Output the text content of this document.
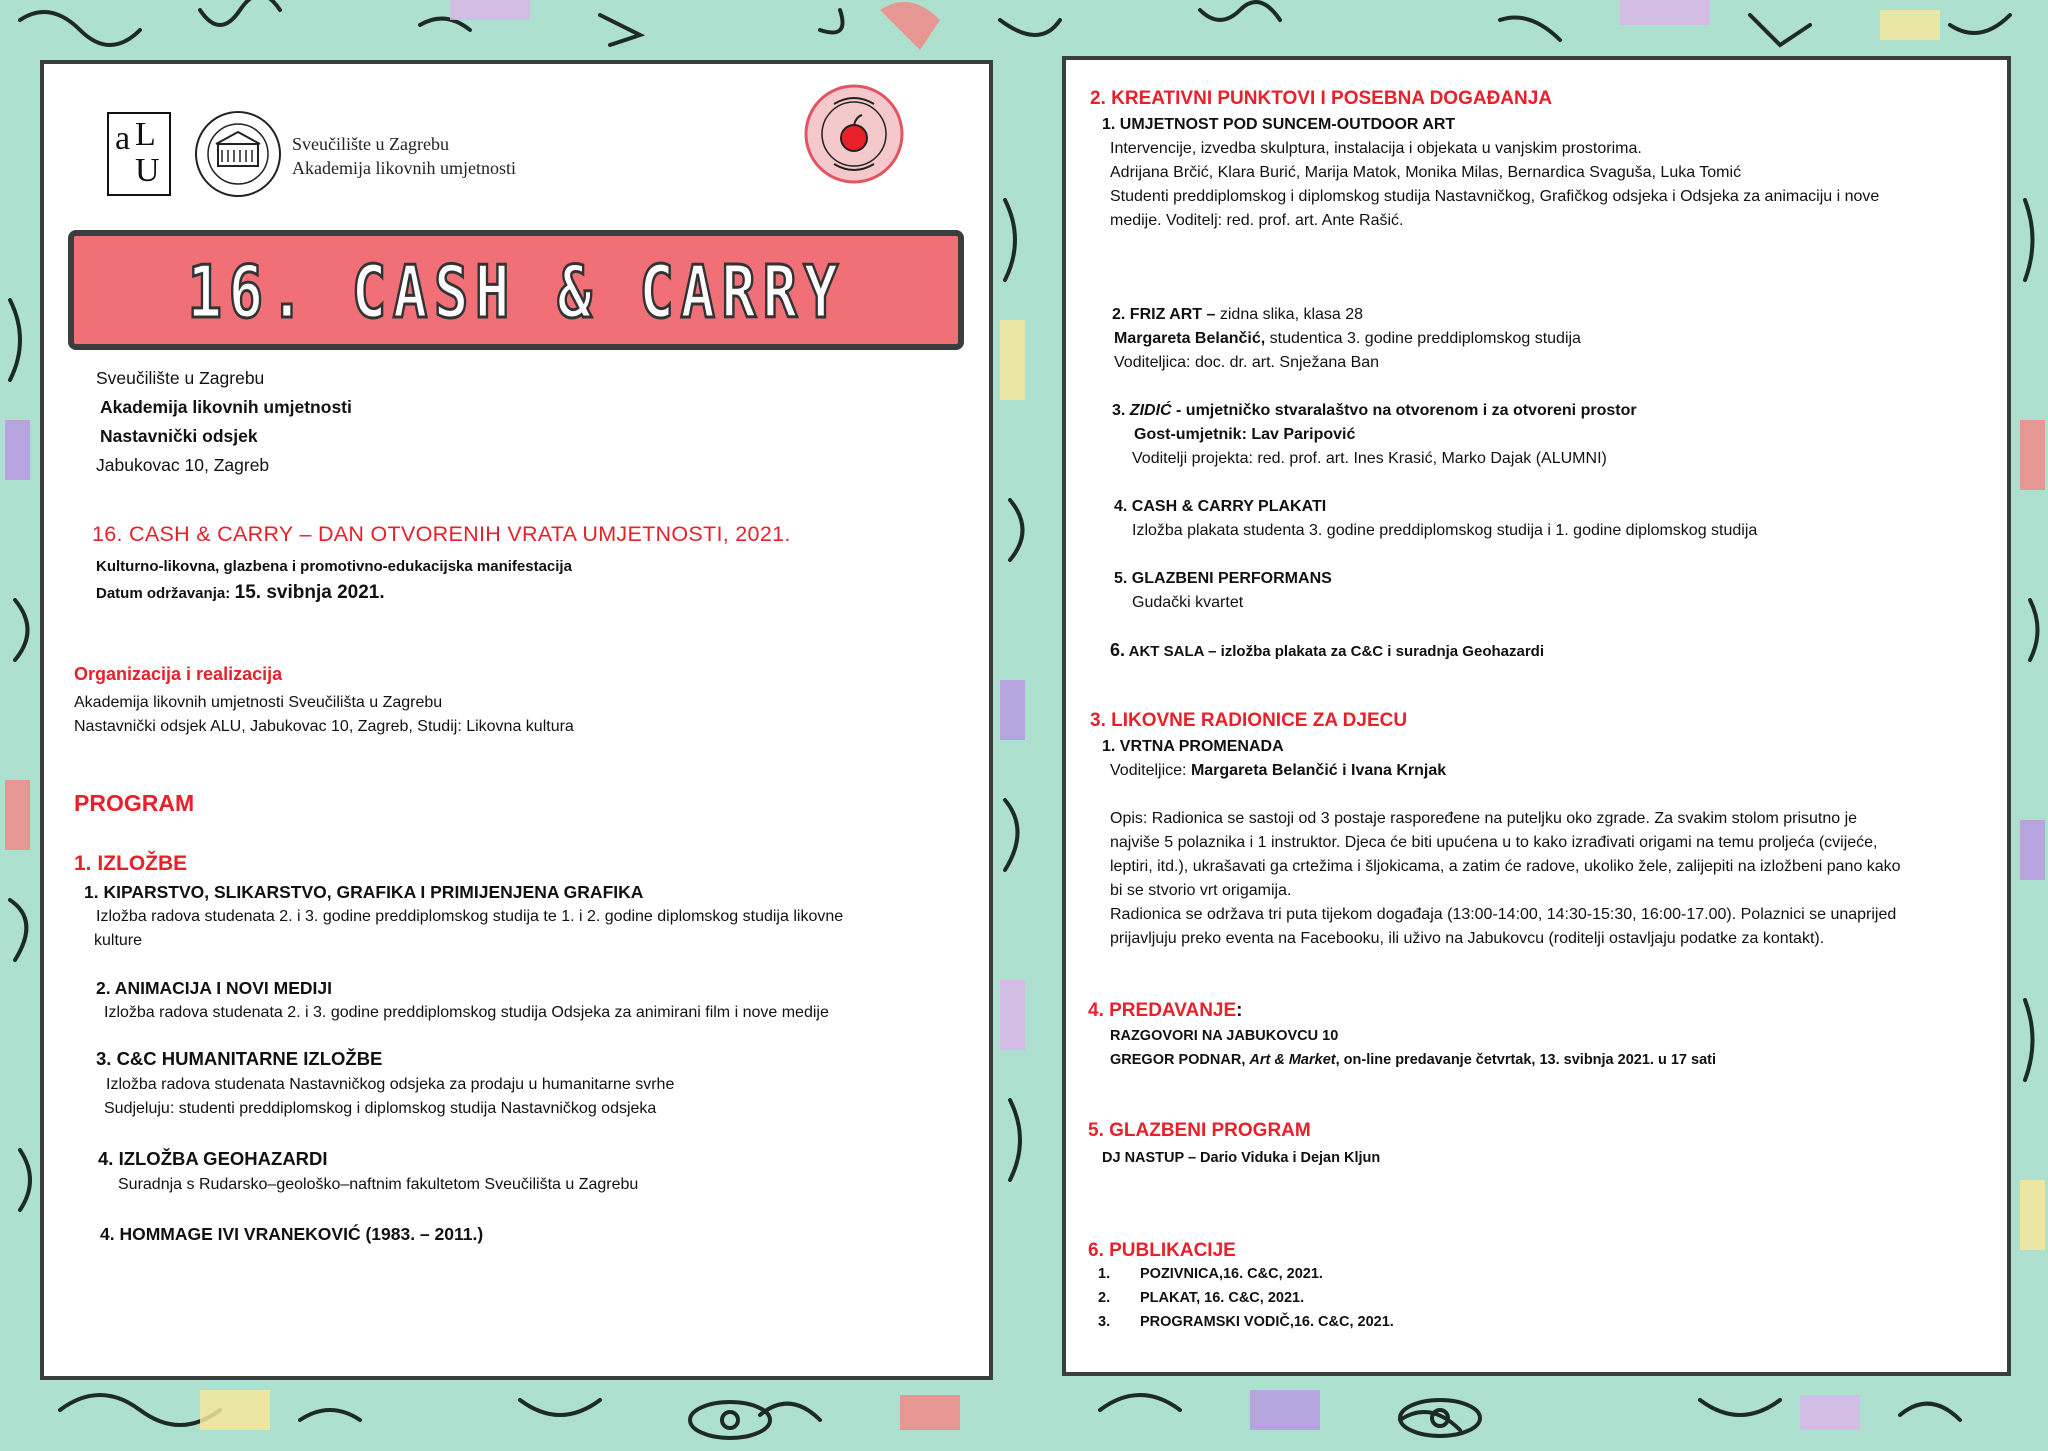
a L
U
Sveučilište u Zagrebu
Akademija likovnih umjetnosti
16. CASH & CARRY
Sveučilište u Zagrebu
Akademija likovnih umjetnosti
Nastavnički odsjek
Jabukovac 10, Zagreb
16. CASH & CARRY – DAN OTVORENIH VRATA UMJETNOSTI, 2021.
Kulturno-likovna, glazbena i promotivno-edukacijska manifestacija
Datum održavanja: 15. svibnja 2021.
Organizacija i realizacija
Akademija likovnih umjetnosti Sveučilišta u Zagrebu
Nastavnički odsjek ALU, Jabukovac 10, Zagreb, Studij: Likovna kultura
PROGRAM
1. IZLOŽBE
1. KIPARSTVO, SLIKARSTVO, GRAFIKA I PRIMIJENJENA GRAFIKA
Izložba radova studenata 2. i 3. godine preddiplomskog studija te 1. i 2. godine diplomskog studija likovne
kulture
2. ANIMACIJA I NOVI MEDIJI
Izložba radova studenata 2. i 3. godine preddiplomskog studija Odsjeka za animirani film i nove medije
3. C&C HUMANITARNE IZLOŽBE
Izložba radova studenata Nastavničkog odsjeka za prodaju u humanitarne svrhe
Sudjeluju: studenti preddiplomskog i diplomskog studija Nastavničkog odsjeka
4. IZLOŽBA GEOHAZARDI
Suradnja s Rudarsko–geološko–naftnim fakultetom Sveučilišta u Zagrebu
4. HOMMAGE IVI VRANEKOVIĆ (1983. – 2011.)
2. KREATIVNI PUNKTOVI I POSEBNA DOGAĐANJA
1. UMJETNOST POD SUNCEM-OUTDOOR ART
Intervencije, izvedba skulptura, instalacija i objekata u vanjskim prostorima.
Adrijana Brčić, Klara Burić, Marija Matok, Monika Milas, Bernardica Svaguša, Luka Tomić
Studenti preddiplomskog i diplomskog studija Nastavničkog, Grafičkog odsjeka i Odsjeka za animaciju i nove
medije. Voditelj: red. prof. art. Ante Rašić.
2. FRIZ ART – zidna slika, klasa 28
Margareta Belančić, studentica 3. godine preddiplomskog studija
Voditeljica: doc. dr. art. Snježana Ban
3. ZIDIĆ - umjetničko stvaralaštvo na otvorenom i za otvoreni prostor
Gost-umjetnik: Lav Paripović
Voditelji projekta: red. prof. art. Ines Krasić, Marko Dajak (ALUMNI)
4. CASH & CARRY PLAKATI
Izložba plakata studenta 3. godine preddiplomskog studija i 1. godine diplomskog studija
5. GLAZBENI PERFORMANS
Gudački kvartet
6. AKT SALA – izložba plakata za C&C i suradnja Geohazardi
3. LIKOVNE RADIONICE ZA DJECU
1. VRTNA PROMENADA
Voditeljice: Margareta Belančić i Ivana Krnjak
Opis: Radionica se sastoji od 3 postaje raspoređene na puteljku oko zgrade. Za svakim stolom prisutno je
najviše 5 polaznika i 1 instruktor. Djeca će biti upućena u to kako izrađivati origami na temu proljeća (cvijeće,
leptiri, itd.), ukrašavati ga crtežima i šljokicama, a zatim će radove, ukoliko žele, zalijepiti na izložbeni pano kako
bi se stvorio vrt origamija.
Radionica se održava tri puta tijekom događaja (13:00-14:00, 14:30-15:30, 16:00-17.00). Polaznici se unaprijed
prijavljuju preko eventa na Facebooku, ili uživo na Jabukovcu (roditelji ostavljaju podatke za kontakt).
4. PREDAVANJE:
RAZGOVORI NA JABUKOVCU 10
GREGOR PODNAR, Art & Market, on-line predavanje četvrtak, 13. svibnja 2021. u 17 sati
5. GLAZBENI PROGRAM
DJ NASTUP – Dario Viduka i Dejan Kljun
6. PUBLIKACIJE
1. POZIVNICA,16. C&C, 2021.
2. PLAKAT, 16. C&C, 2021.
3. PROGRAMSKI VODIČ,16. C&C, 2021.
